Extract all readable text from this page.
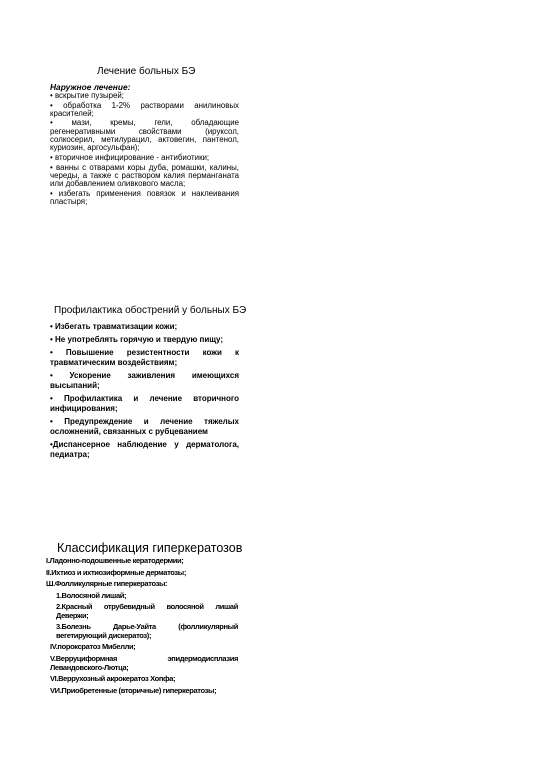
Лечение больных БЭ
Наружное лечение:
• вскрытие пузырей;
• обработка 1-2% растворами анилиновых красителей;
• мази, кремы, гели, обладающие регенеративными свойствами (ируксол, солкосерил, метилурацил, актовегин, пантенол, куриозин, аргосульфан);
• вторичное инфицирование - антибиотики;
• ванны с отварами коры дуба, ромашки, калины, череды, а также с раствором калия перманганата или добавлением оливкового масла;
• избегать применения повязок и наклеивания пластыря;
Профилактика обострений у больных БЭ
• Избегать травматизации кожи;
• Не употреблять горячую и твердую пищу;
• Повышение резистентности кожи к травматическим воздействиям;
• Ускорение заживления имеющихся высыпаний;
• Профилактика и лечение вторичного инфицирования;
• Предупреждение и лечение тяжелых осложнений, связанных с рубцеванием
•Диспансерное наблюдение у дерматолога, педиатра;
Классификация гиперкератозов
I.Ладонно-подошвенные кератодермии;
II.Ихтиоз и ихтиозиформные дерматозы;
Ш.Фолликулярные гиперкератозы:
1.Волосяной лишай;
2.Красный отрубевидный волосяной лишай Девержи;
3.Болезнь Дарье-Уайта (фолликулярный вегетирующий дискератоз);
IV.пороксратоз Мибелли;
V.Верруциформная эпидермодисплазия Левандовского-Лютца;
VI.Веррухозный акрокератоз Хопфа;
VИ.Приобретенные (вторичные) гиперкератозы;
